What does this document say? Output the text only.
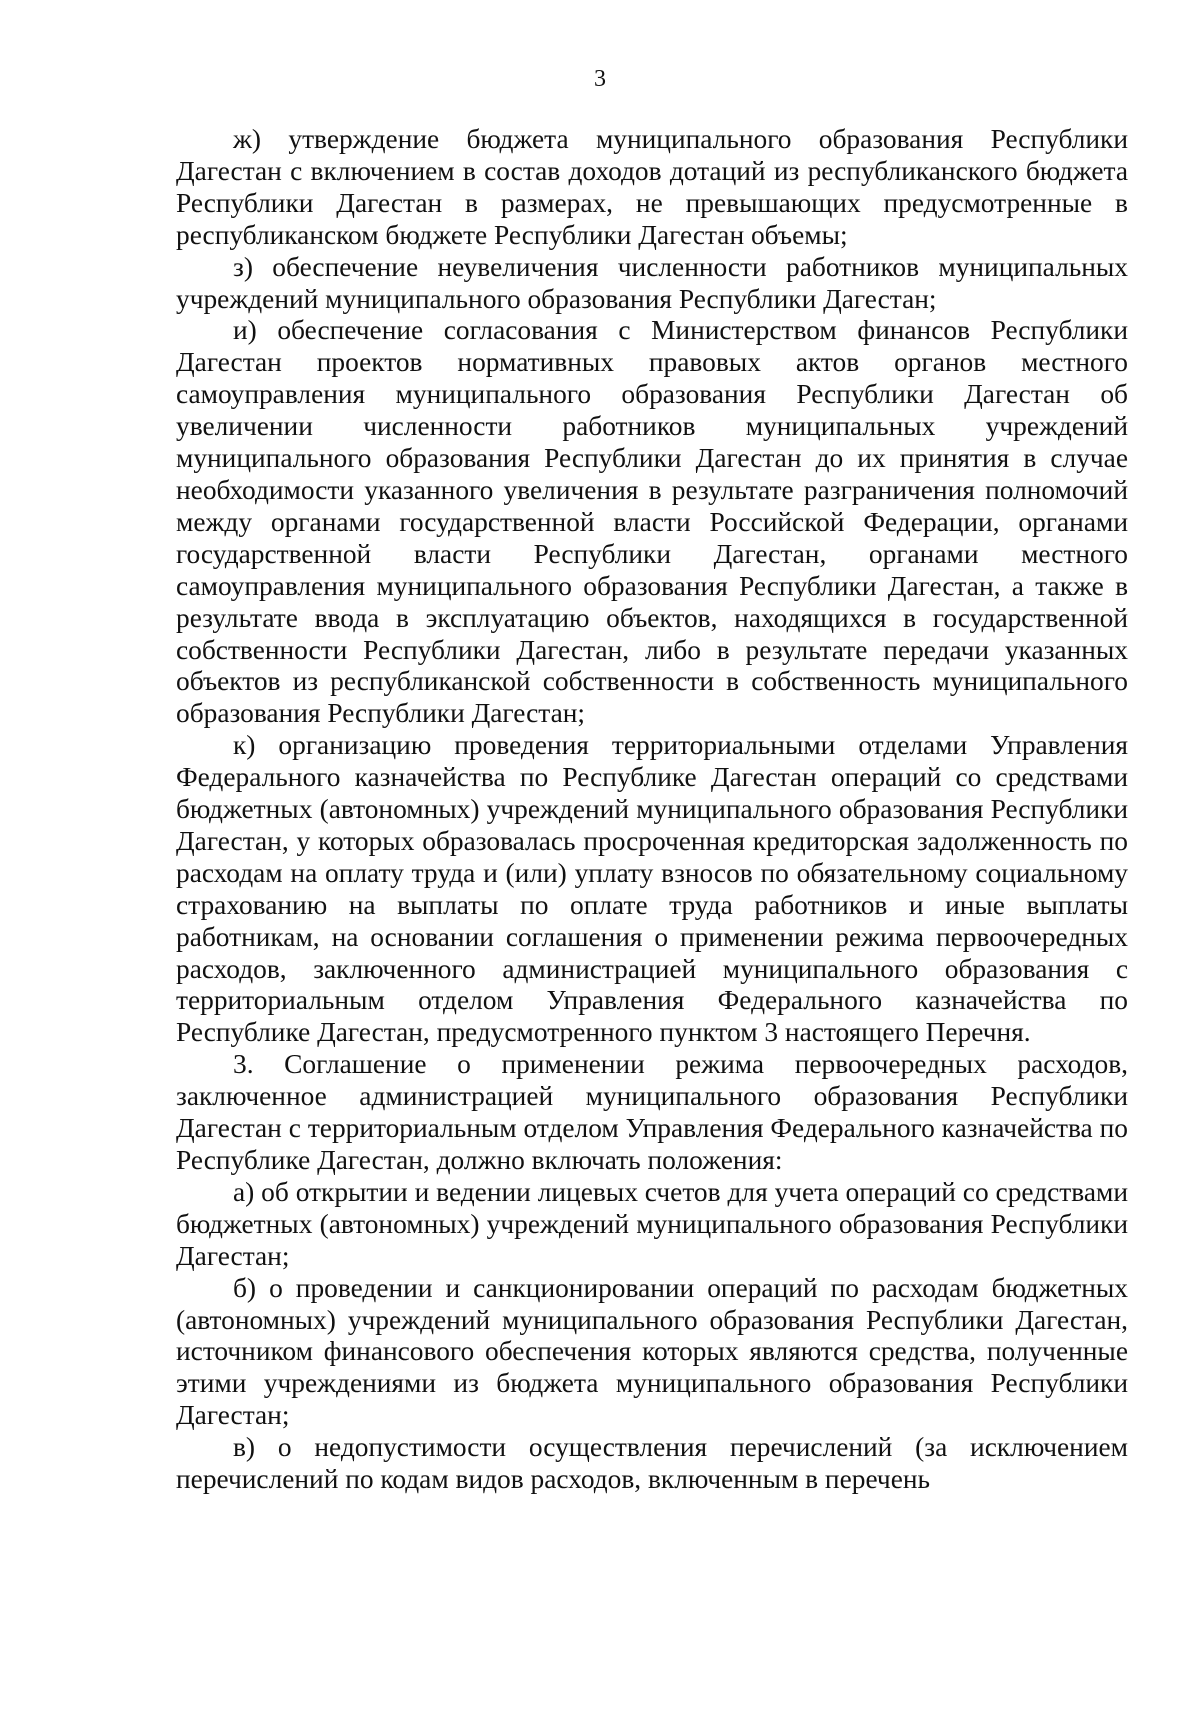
3

ж) утверждение бюджета муниципального образования Республики Дагестан с включением в состав доходов дотаций из республиканского бюджета Республики Дагестан в размерах, не превышающих предусмотренные в республиканском бюджете Республики Дагестан объемы;

з) обеспечение неувеличения численности работников муниципальных учреждений муниципального образования Республики Дагестан;

и) обеспечение согласования с Министерством финансов Республики Дагестан проектов нормативных правовых актов органов местного самоуправления муниципального образования Республики Дагестан об увеличении численности работников муниципальных учреждений муниципального образования Республики Дагестан до их принятия в случае необходимости указанного увеличения в результате разграничения полномочий между органами государственной власти Российской Федерации, органами государственной власти Республики Дагестан, органами местного самоуправления муниципального образования Республики Дагестан, а также в результате ввода в эксплуатацию объектов, находящихся в государственной собственности Республики Дагестан, либо в результате передачи указанных объектов из республиканской собственности в собственность муниципального образования Республики Дагестан;

к) организацию проведения территориальными отделами Управления Федерального казначейства по Республике Дагестан операций со средствами бюджетных (автономных) учреждений муниципального образования Республики Дагестан, у которых образовалась просроченная кредиторская задолженность по расходам на оплату труда и (или) уплату взносов по обязательному социальному страхованию на выплаты по оплате труда работников и иные выплаты работникам, на основании соглашения о применении режима первоочередных расходов, заключенного администрацией муниципального образования с территориальным отделом Управления Федерального казначейства по Республике Дагестан, предусмотренного пунктом 3 настоящего Перечня.

3. Соглашение о применении режима первоочередных расходов, заключенное администрацией муниципального образования Республики Дагестан с территориальным отделом Управления Федерального казначейства по Республике Дагестан, должно включать положения:

а) об открытии и ведении лицевых счетов для учета операций со средствами бюджетных (автономных) учреждений муниципального образования Республики Дагестан;

б) о проведении и санкционировании операций по расходам бюджетных (автономных) учреждений муниципального образования Республики Дагестан, источником финансового обеспечения которых являются средства, полученные этими учреждениями из бюджета муниципального образования Республики Дагестан;

в) о недопустимости осуществления перечислений (за исключением перечислений по кодам видов расходов, включенным в перечень
